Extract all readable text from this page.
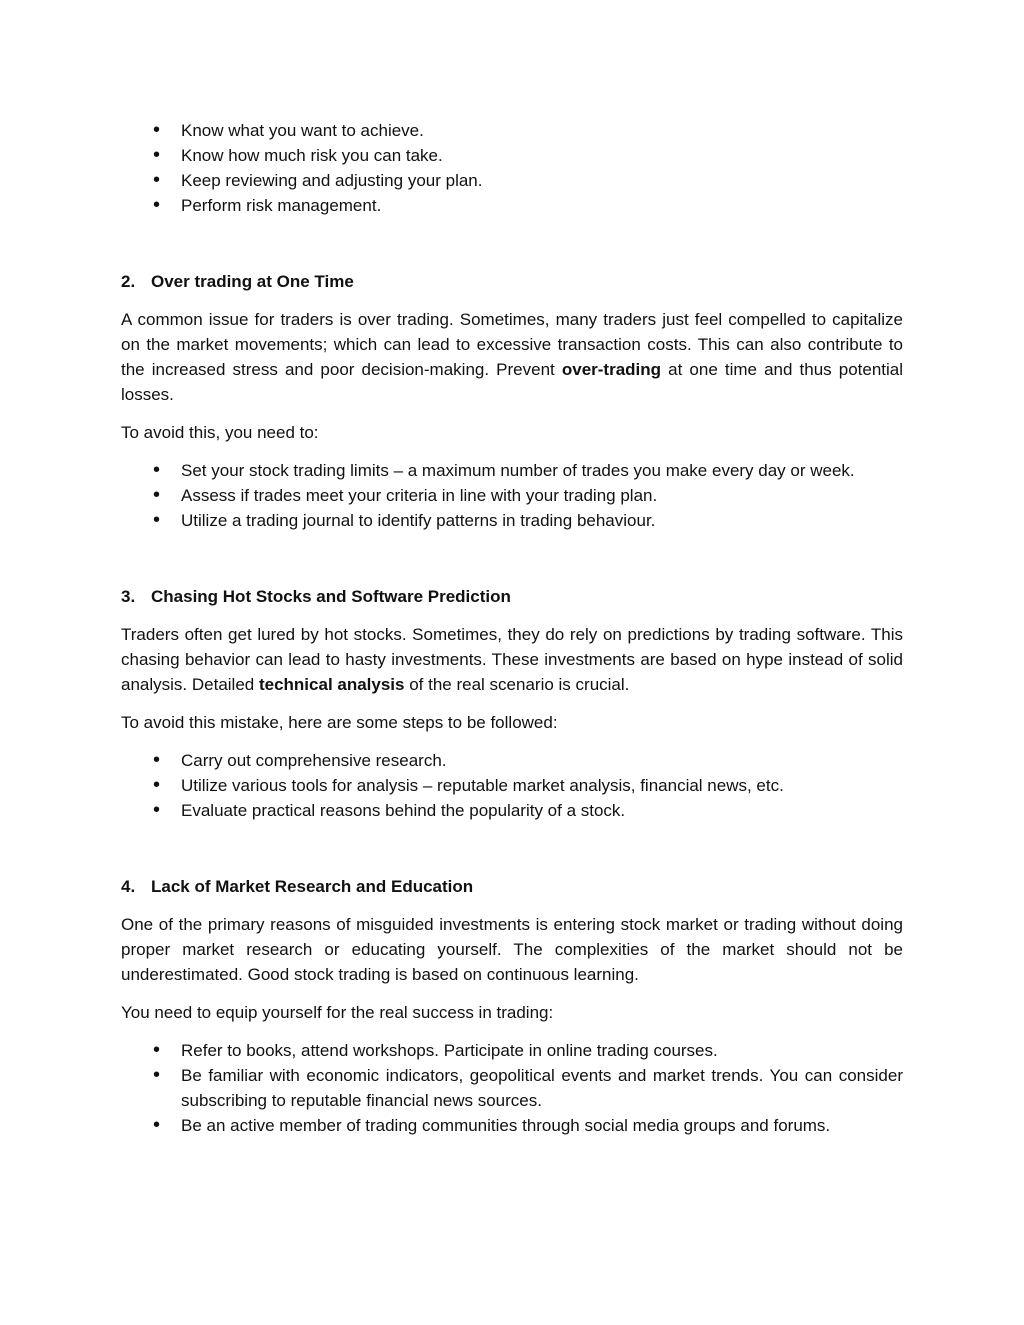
• Know what you want to achieve.
• Know how much risk you can take.
• Keep reviewing and adjusting your plan.
• Perform risk management.
2. Over trading at One Time

A common issue for traders is over trading. Sometimes, many traders just feel compelled to capitalize on the market movements; which can lead to excessive transaction costs. This can also contribute to the increased stress and poor decision-making. Prevent over-trading at one time and thus potential losses.

To avoid this, you need to:

• Set your stock trading limits – a maximum number of trades you make every day or week.
• Assess if trades meet your criteria in line with your trading plan.
• Utilize a trading journal to identify patterns in trading behaviour.
3. Chasing Hot Stocks and Software Prediction

Traders often get lured by hot stocks. Sometimes, they do rely on predictions by trading software. This chasing behavior can lead to hasty investments. These investments are based on hype instead of solid analysis. Detailed technical analysis of the real scenario is crucial.

To avoid this mistake, here are some steps to be followed:

• Carry out comprehensive research.
• Utilize various tools for analysis – reputable market analysis, financial news, etc.
• Evaluate practical reasons behind the popularity of a stock.
4. Lack of Market Research and Education

One of the primary reasons of misguided investments is entering stock market or trading without doing proper market research or educating yourself. The complexities of the market should not be underestimated. Good stock trading is based on continuous learning.

You need to equip yourself for the real success in trading:

• Refer to books, attend workshops. Participate in online trading courses.
• Be familiar with economic indicators, geopolitical events and market trends. You can consider subscribing to reputable financial news sources.
• Be an active member of trading communities through social media groups and forums.
